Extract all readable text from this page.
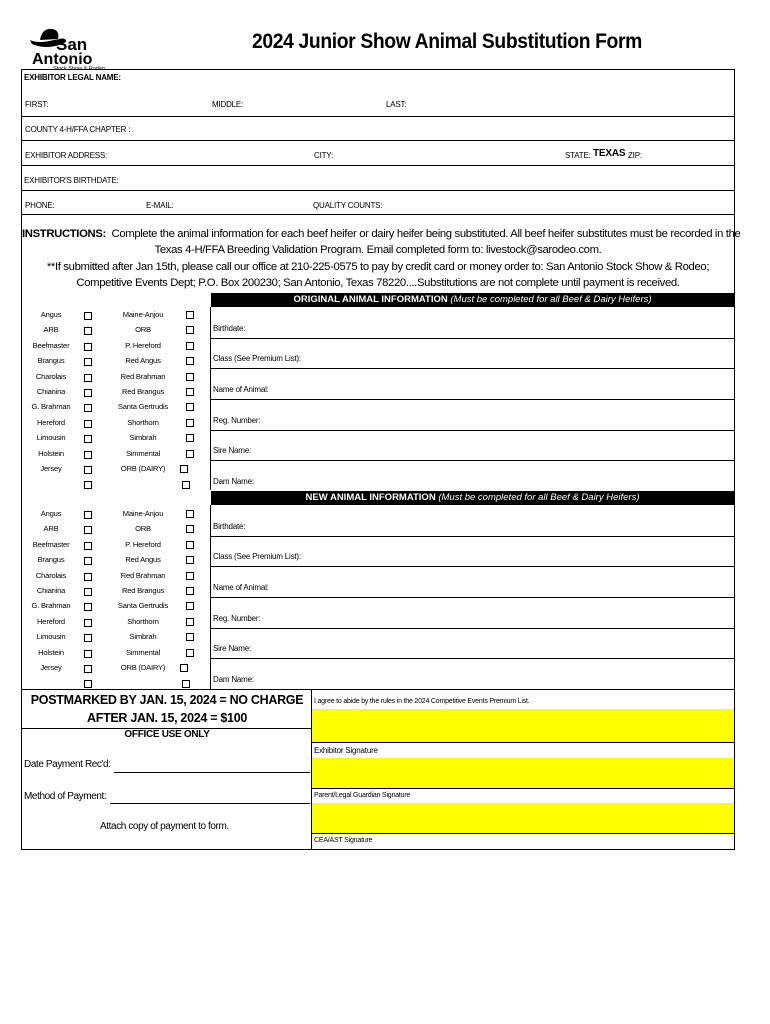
San
Antonio
Stock Show & Rodeo
2024 Junior Show Animal Substitution Form
EXHIBITOR LEGAL NAME:
FIRST:	MIDDLE:	LAST:
COUNTY 4-H/FFA CHAPTER :
EXHIBITOR ADDRESS:	CITY:	STATE: TEXAS ZIP:
EXHIBITOR'S BIRTHDATE:
PHONE:	E-MAIL:	QUALITY COUNTS:
INSTRUCTIONS: Complete the animal information for each beef heifer or dairy heifer being substituted. All beef heifer substitutes must be recorded in the
Texas 4-H/FFA Breeding Validation Program. Email completed form to: livestock@sarodeo.com.
**If submitted after Jan 15th, please call our office at 210-225-0575 to pay by credit card or money order to: San Antonio Stock Show & Rodeo;
Competitive Events Dept; P.O. Box 200230; San Antonio, Texas 78220....Substitutions are not complete until payment is received.
ORIGINAL ANIMAL INFORMATION (Must be completed for all Beef & Dairy Heifers)
Angus	Maine-Anjou
ARB	ORB
Beefmaster	P. Hereford
Brangus	Red Angus
Charolais	Red Brahman
Chianina	Red Brangus
G. Brahman	Santa Gertrudis
Hereford	Shorthorn
Limousin	Simbrah
Holstein	Simmental
Jersey	ORB (DAIRY)
Birthdate:
Class (See Premium List):
Name of Animal:
Reg. Number:
Sire Name:
Dam Name:
NEW ANIMAL INFORMATION (Must be completed for all Beef & Dairy Heifers)
Angus	Maine-Anjou
ARB	ORB
Beefmaster	P. Hereford
Brangus	Red Angus
Charolais	Red Brahman
Chianina	Red Brangus
G. Brahman	Santa Gertrudis
Hereford	Shorthorn
Limousin	Simbrah
Holstein	Simmental
Jersey	ORB (DAIRY)
Birthdate:
Class (See Premium List):
Name of Animal:
Reg. Number:
Sire Name:
Dam Name:
POSTMARKED BY JAN. 15, 2024 = NO CHARGE
AFTER JAN. 15, 2024 = $100
OFFICE USE ONLY
Date Payment Rec'd:
Method of Payment:
Attach copy of payment to form.
I agree to abide by the rules in the 2024 Competitive Events Premium List.
Exhibitor Signature
Parent/Legal Guardian Signature
CEA/AST Signature
